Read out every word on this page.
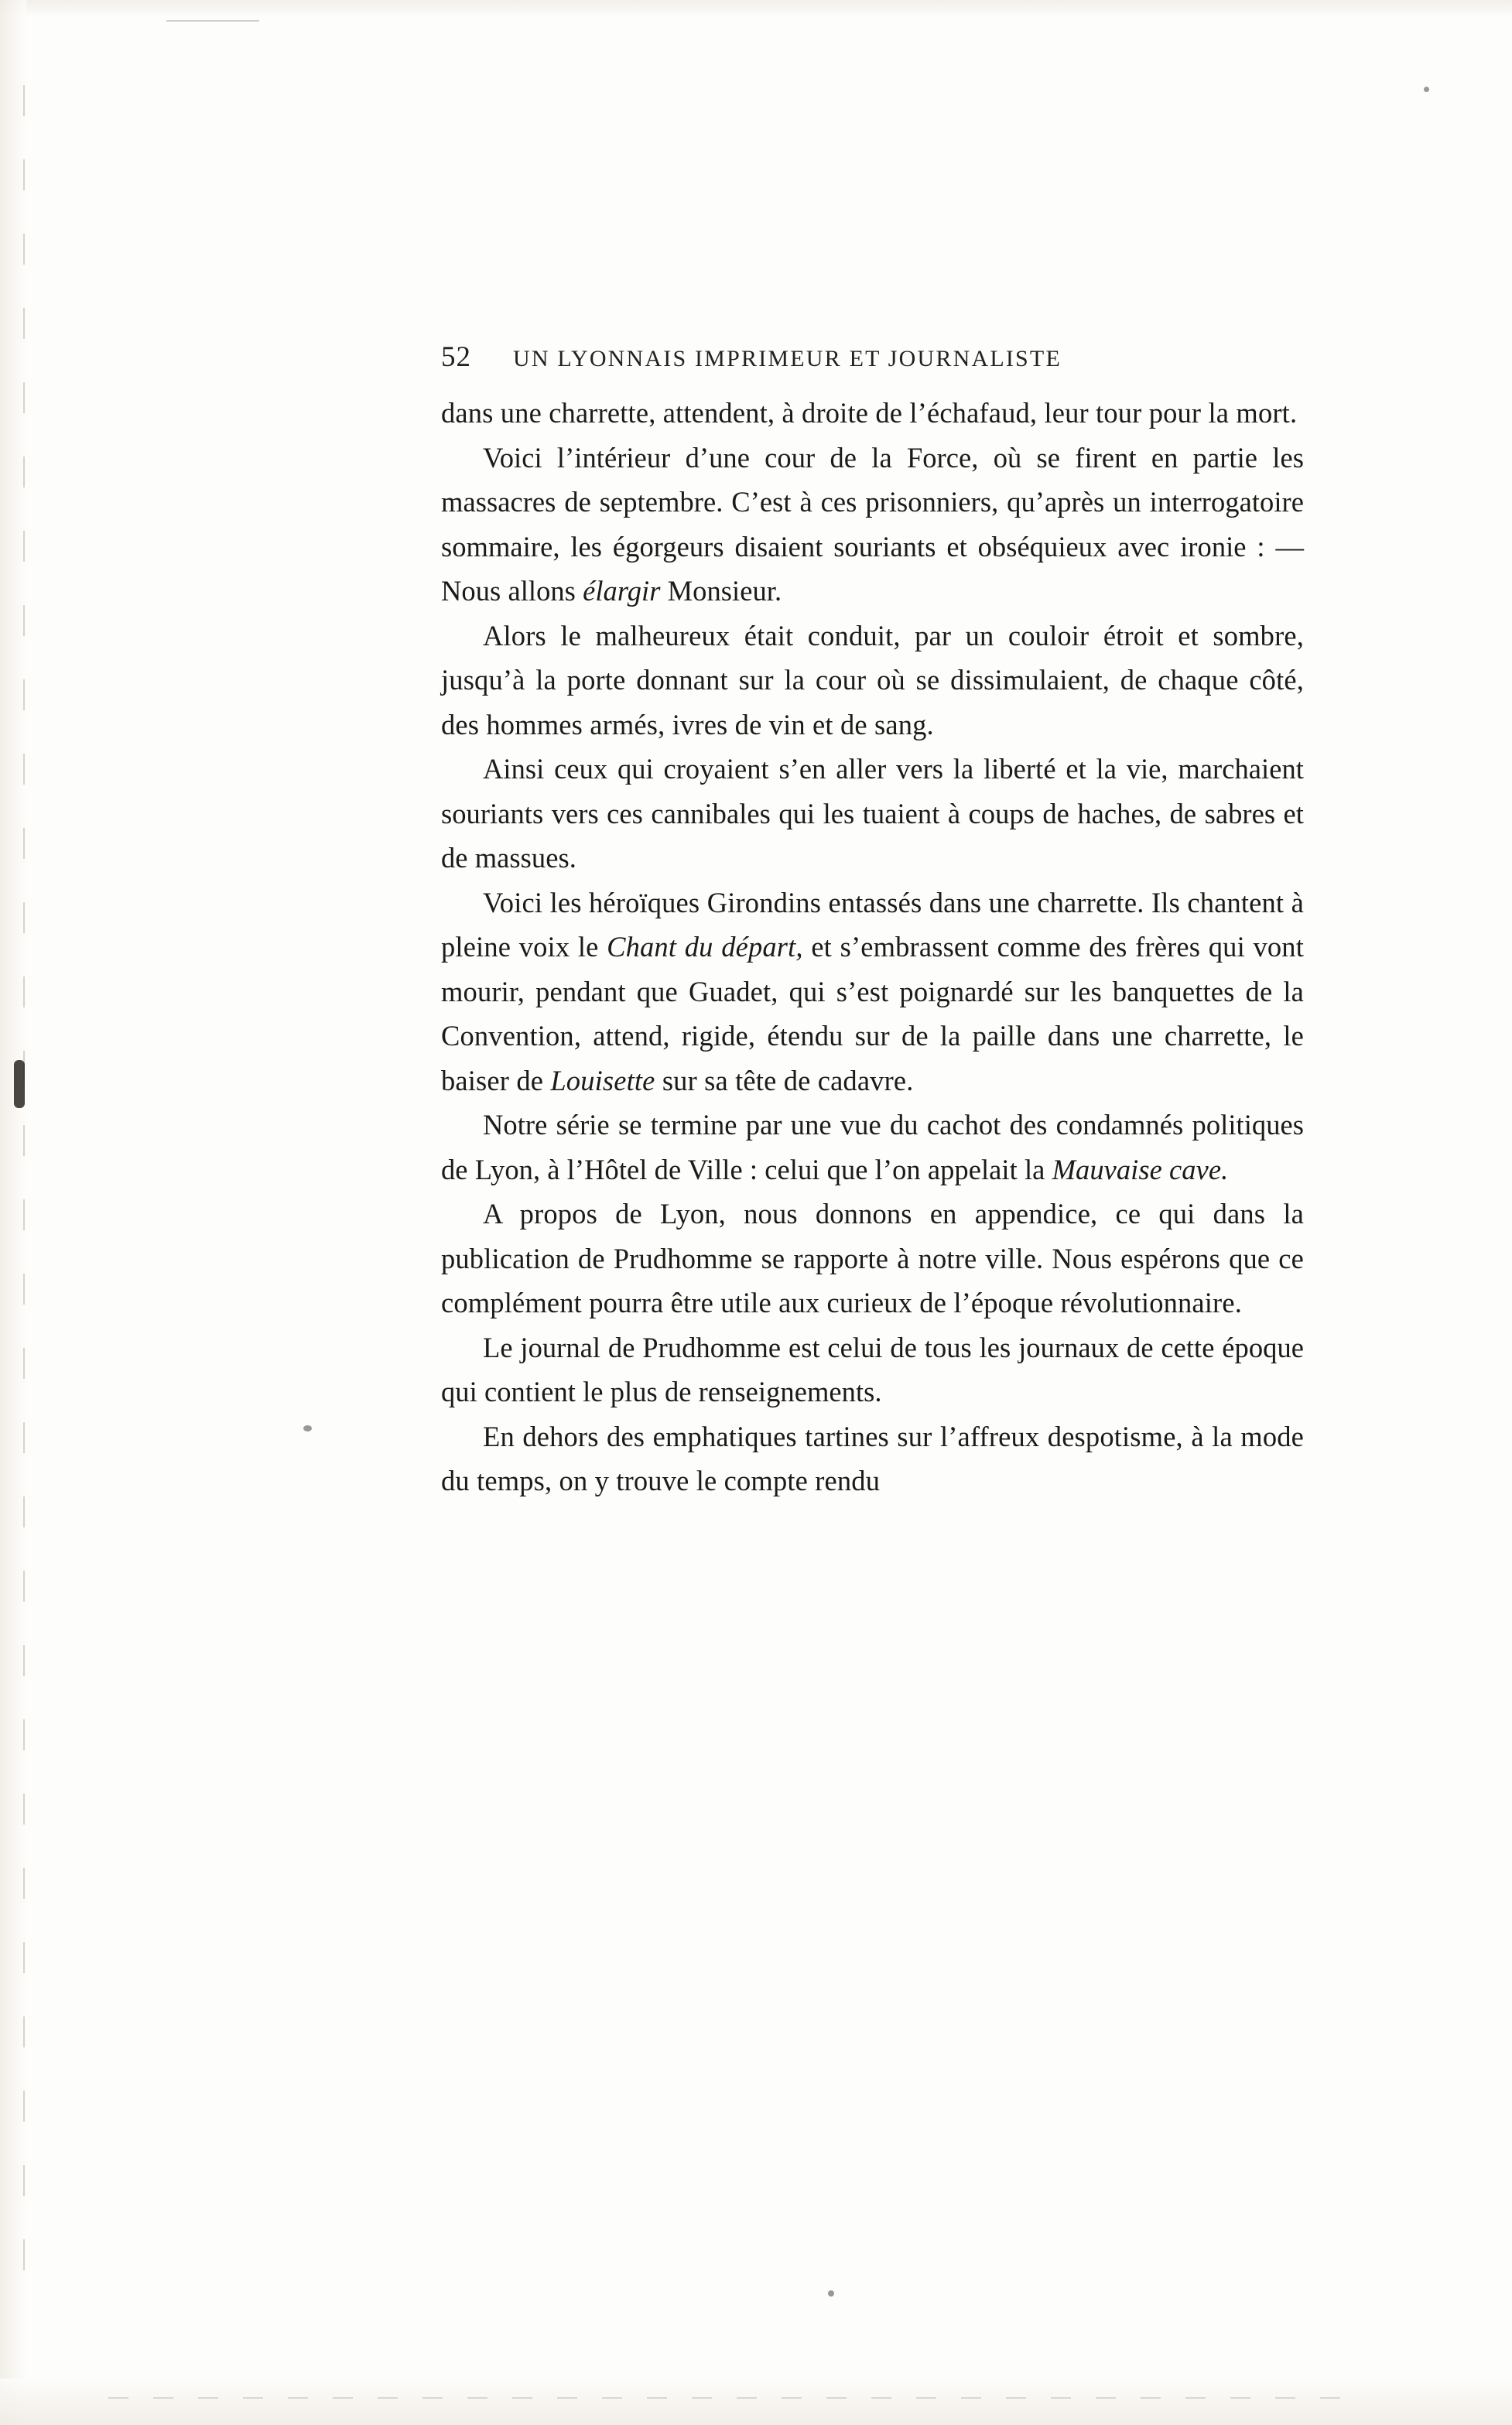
52 UN LYONNAIS IMPRIMEUR ET JOURNALISTE

dans une charrette, attendent, à droite de l’échafaud, leur tour pour la mort.

Voici l’intérieur d’une cour de la Force, où se firent en partie les massacres de septembre. C’est à ces prisonniers, qu’après un interrogatoire sommaire, les égorgeurs disaient souriants et obséquieux avec ironie : — Nous allons élargir Monsieur.

Alors le malheureux était conduit, par un couloir étroit et sombre, jusqu’à la porte donnant sur la cour où se dissimulaient, de chaque côté, des hommes armés, ivres de vin et de sang.

Ainsi ceux qui croyaient s’en aller vers la liberté et la vie, marchaient souriants vers ces cannibales qui les tuaient à coups de haches, de sabres et de massues.

Voici les héroïques Girondins entassés dans une charrette. Ils chantent à pleine voix le Chant du départ, et s’embrassent comme des frères qui vont mourir, pendant que Guadet, qui s’est poignardé sur les banquettes de la Convention, attend, rigide, étendu sur de la paille dans une charrette, le baiser de Louisette sur sa tête de cadavre.

Notre série se termine par une vue du cachot des condamnés politiques de Lyon, à l’Hôtel de Ville : celui que l’on appelait la Mauvaise cave.

A propos de Lyon, nous donnons en appendice, ce qui dans la publication de Prudhomme se rapporte à notre ville. Nous espérons que ce complément pourra être utile aux curieux de l’époque révolutionnaire.

Le journal de Prudhomme est celui de tous les journaux de cette époque qui contient le plus de renseignements.

En dehors des emphatiques tartines sur l’affreux despotisme, à la mode du temps, on y trouve le compte rendu
